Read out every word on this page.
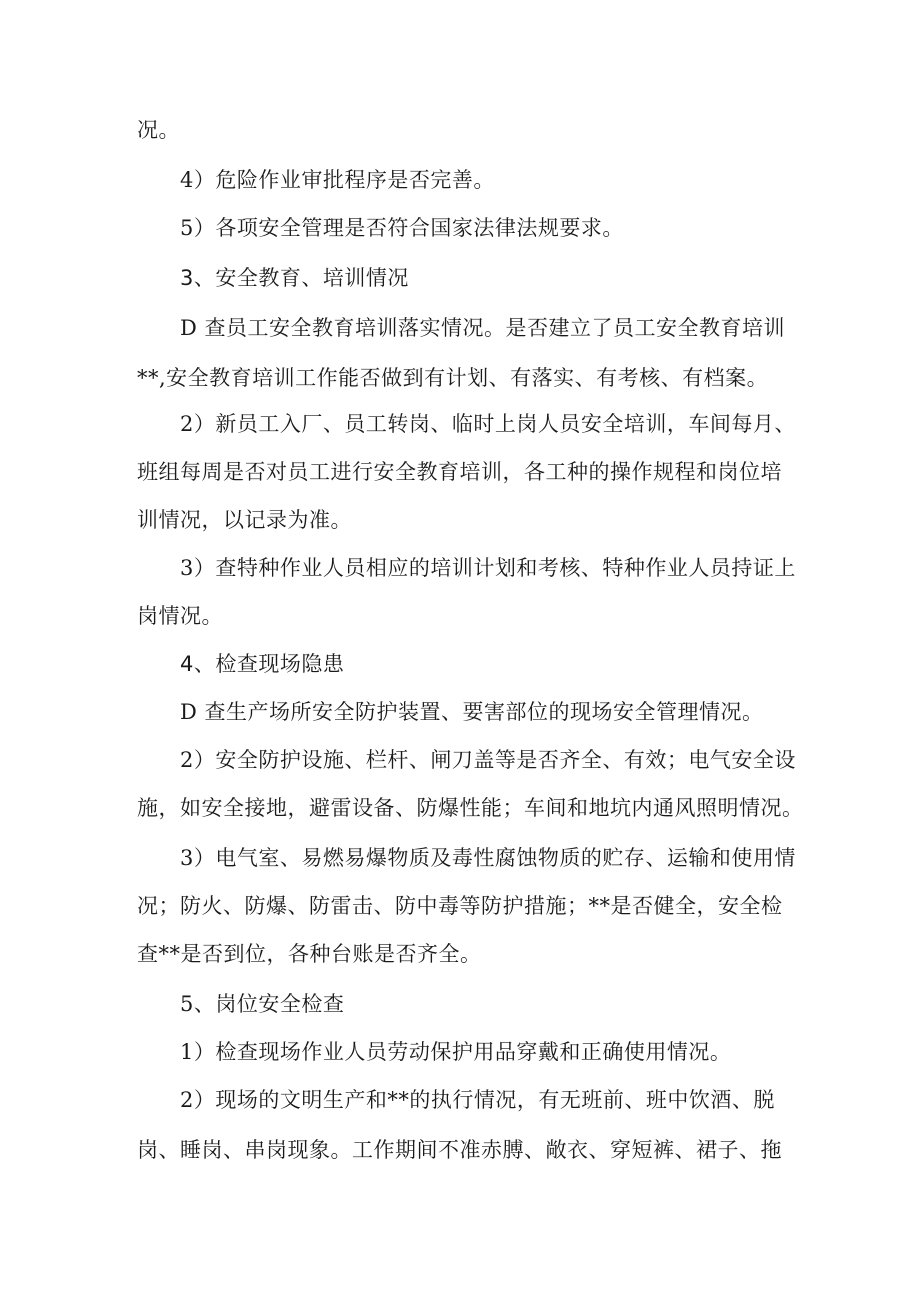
况。

4）危险作业审批程序是否完善。

5）各项安全管理是否符合国家法律法规要求。

3、安全教育、培训情况

D 查员工安全教育培训落实情况。是否建立了员工安全教育培训

**,安全教育培训工作能否做到有计划、有落实、有考核、有档案。

2）新员工入厂、员工转岗、临时上岗人员安全培训，车间每月、

班组每周是否对员工进行安全教育培训，各工种的操作规程和岗位培

训情况，以记录为准。

3）查特种作业人员相应的培训计划和考核、特种作业人员持证上

岗情况。

4、检查现场隐患

D 查生产场所安全防护装置、要害部位的现场安全管理情况。

2）安全防护设施、栏杆、闸刀盖等是否齐全、有效；电气安全设

施，如安全接地，避雷设备、防爆性能；车间和地坑内通风照明情况。

3）电气室、易燃易爆物质及毒性腐蚀物质的贮存、运输和使用情

况；防火、防爆、防雷击、防中毒等防护措施；**是否健全，安全检

查**是否到位，各种台账是否齐全。

5、岗位安全检查

1）检查现场作业人员劳动保护用品穿戴和正确使用情况。

2）现场的文明生产和**的执行情况，有无班前、班中饮酒、脱

岗、睡岗、串岗现象。工作期间不准赤膊、敞衣、穿短裤、裙子、拖
